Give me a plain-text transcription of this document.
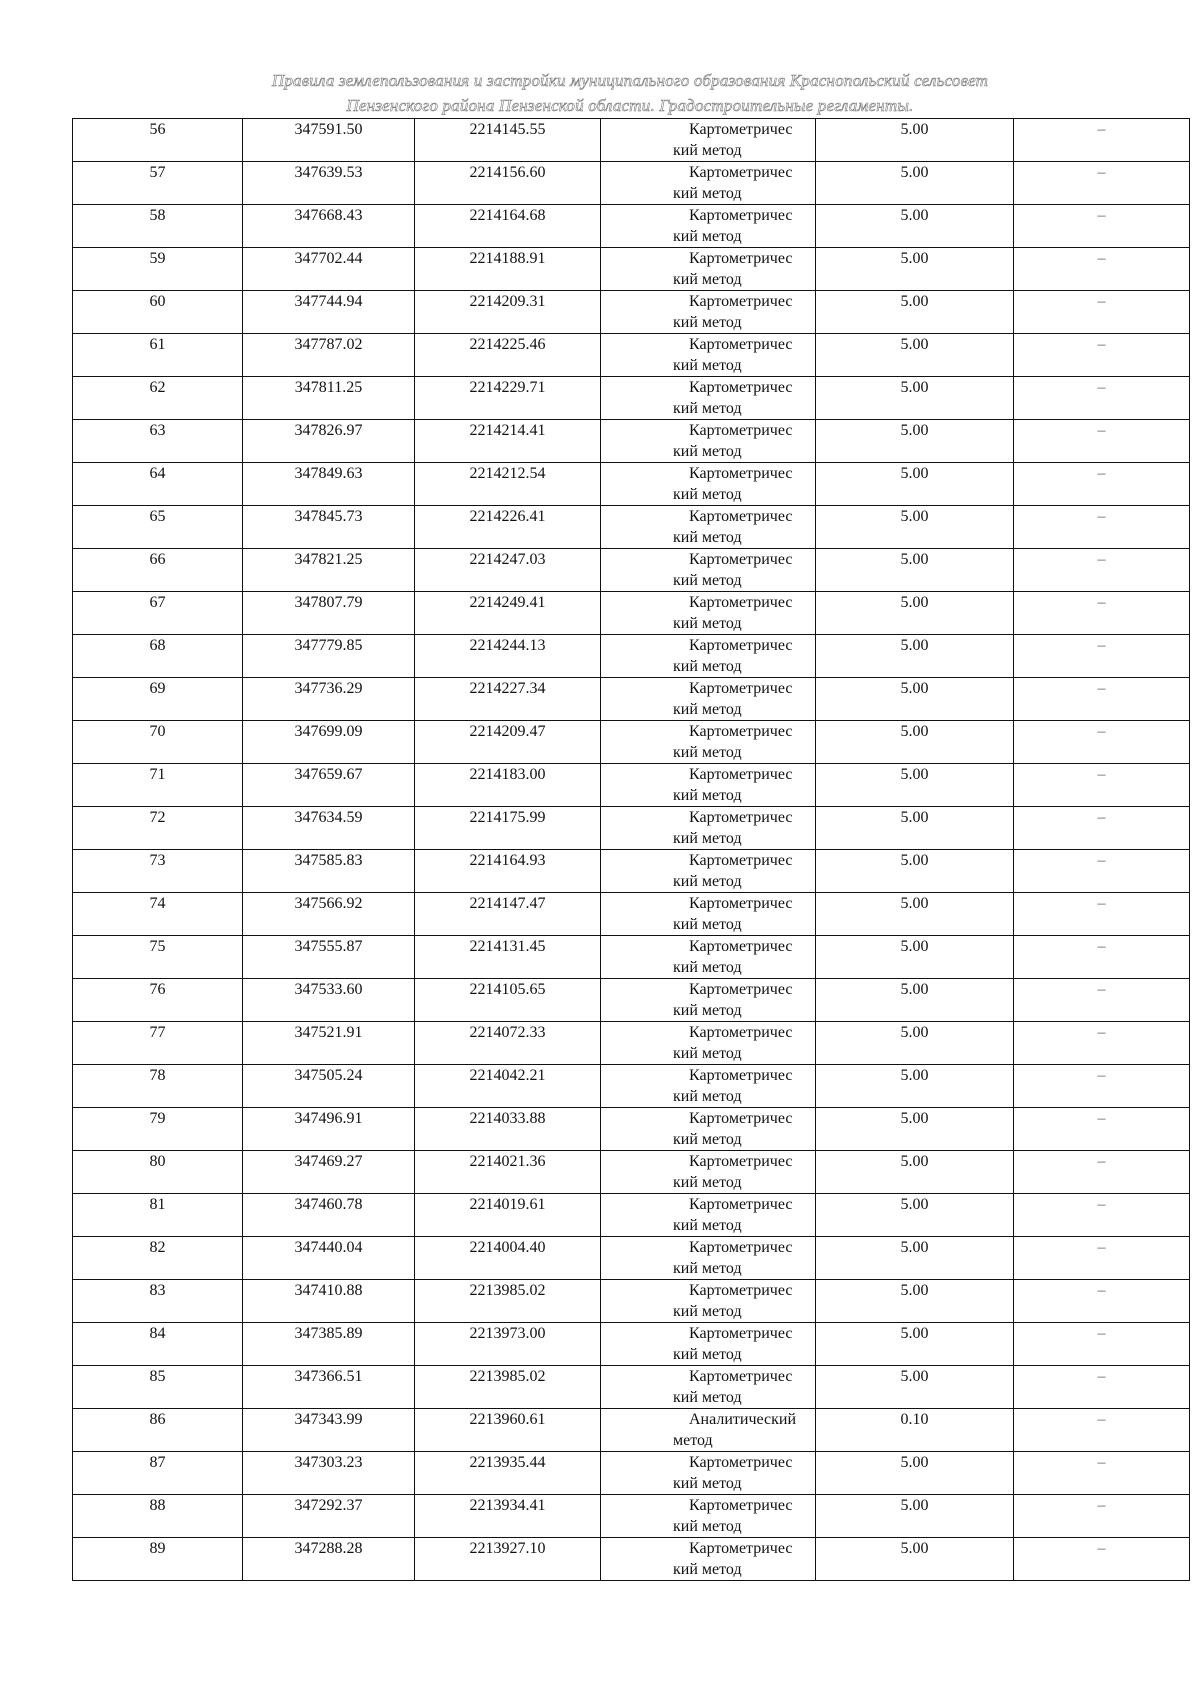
Правила землепользования и застройки муниципального образования Краснопольский сельсовет
Пензенского района Пензенской области. Градостроительные регламенты.
56	347591.50	2214145.55	Картометрический метод	5.00	–
57	347639.53	2214156.60	Картометрический метод	5.00	–
58	347668.43	2214164.68	Картометрический метод	5.00	–
59	347702.44	2214188.91	Картометрический метод	5.00	–
60	347744.94	2214209.31	Картометрический метод	5.00	–
61	347787.02	2214225.46	Картометрический метод	5.00	–
62	347811.25	2214229.71	Картометрический метод	5.00	–
63	347826.97	2214214.41	Картометрический метод	5.00	–
64	347849.63	2214212.54	Картометрический метод	5.00	–
65	347845.73	2214226.41	Картометрический метод	5.00	–
66	347821.25	2214247.03	Картометрический метод	5.00	–
67	347807.79	2214249.41	Картометрический метод	5.00	–
68	347779.85	2214244.13	Картометрический метод	5.00	–
69	347736.29	2214227.34	Картометрический метод	5.00	–
70	347699.09	2214209.47	Картометрический метод	5.00	–
71	347659.67	2214183.00	Картометрический метод	5.00	–
72	347634.59	2214175.99	Картометрический метод	5.00	–
73	347585.83	2214164.93	Картометрический метод	5.00	–
74	347566.92	2214147.47	Картометрический метод	5.00	–
75	347555.87	2214131.45	Картометрический метод	5.00	–
76	347533.60	2214105.65	Картометрический метод	5.00	–
77	347521.91	2214072.33	Картометрический метод	5.00	–
78	347505.24	2214042.21	Картометрический метод	5.00	–
79	347496.91	2214033.88	Картометрический метод	5.00	–
80	347469.27	2214021.36	Картометрический метод	5.00	–
81	347460.78	2214019.61	Картометрический метод	5.00	–
82	347440.04	2214004.40	Картометрический метод	5.00	–
83	347410.88	2213985.02	Картометрический метод	5.00	–
84	347385.89	2213973.00	Картометрический метод	5.00	–
85	347366.51	2213985.02	Картометрический метод	5.00	–
86	347343.99	2213960.61	Аналитическийметод	0.10	–
87	347303.23	2213935.44	Картометрический метод	5.00	–
88	347292.37	2213934.41	Картометрический метод	5.00	–
89	347288.28	2213927.10	Картометрический метод	5.00	–
